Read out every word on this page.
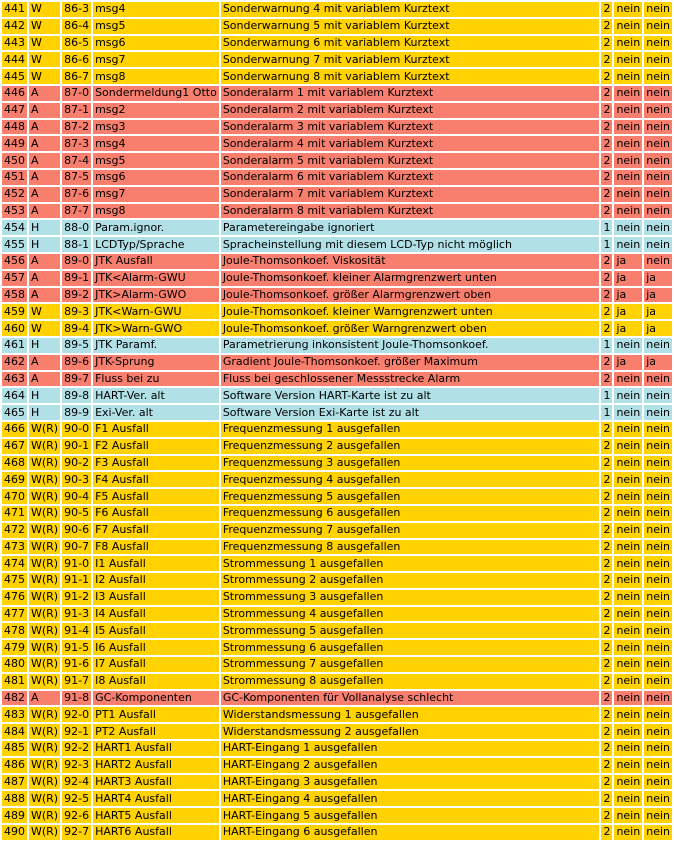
441	W	86-3	msg4	Sonderwarnung 4 mit variablem Kurztext	2	nein	nein
442	W	86-4	msg5	Sonderwarnung 5 mit variablem Kurztext	2	nein	nein
443	W	86-5	msg6	Sonderwarnung 6 mit variablem Kurztext	2	nein	nein
444	W	86-6	msg7	Sonderwarnung 7 mit variablem Kurztext	2	nein	nein
445	W	86-7	msg8	Sonderwarnung 8 mit variablem Kurztext	2	nein	nein
446	A	87-0	Sondermeldung1 Otto	Sonderalarm 1 mit variablem Kurztext	2	nein	nein
447	A	87-1	msg2	Sonderalarm 2 mit variablem Kurztext	2	nein	nein
448	A	87-2	msg3	Sonderalarm 3 mit variablem Kurztext	2	nein	nein
449	A	87-3	msg4	Sonderalarm 4 mit variablem Kurztext	2	nein	nein
450	A	87-4	msg5	Sonderalarm 5 mit variablem Kurztext	2	nein	nein
451	A	87-5	msg6	Sonderalarm 6 mit variablem Kurztext	2	nein	nein
452	A	87-6	msg7	Sonderalarm 7 mit variablem Kurztext	2	nein	nein
453	A	87-7	msg8	Sonderalarm 8 mit variablem Kurztext	2	nein	nein
454	H	88-0	Param.ignor.	Parametereingabe ignoriert	1	nein	nein
455	H	88-1	LCDTyp/Sprache	Spracheinstellung mit diesem LCD-Typ nicht möglich	1	nein	nein
456	A	89-0	JTK Ausfall	Joule-Thomsonkoef. Viskosität	2	ja	nein
457	A	89-1	JTK<Alarm-GWU	Joule-Thomsonkoef. kleiner Alarmgrenzwert unten	2	ja	ja
458	A	89-2	JTK>Alarm-GWO	Joule-Thomsonkoef. größer Alarmgrenzwert oben	2	ja	ja
459	W	89-3	JTK<Warn-GWU	Joule-Thomsonkoef. kleiner Warngrenzwert unten	2	ja	ja
460	W	89-4	JTK>Warn-GWO	Joule-Thomsonkoef. größer Warngrenzwert oben	2	ja	ja
461	H	89-5	JTK Paramf.	Parametrierung inkonsistent Joule-Thomsonkoef.	1	nein	nein
462	A	89-6	JTK-Sprung	Gradient Joule-Thomsonkoef. größer Maximum	2	ja	ja
463	A	89-7	Fluss bei zu	Fluss bei geschlossener Messstrecke Alarm	2	nein	nein
464	H	89-8	HART-Ver. alt	Software Version HART-Karte ist zu alt	1	nein	nein
465	H	89-9	Exi-Ver. alt	Software Version Exi-Karte ist zu alt	1	nein	nein
466	W(R)	90-0	F1 Ausfall	Frequenzmessung 1 ausgefallen	2	nein	nein
467	W(R)	90-1	F2 Ausfall	Frequenzmessung 2 ausgefallen	2	nein	nein
468	W(R)	90-2	F3 Ausfall	Frequenzmessung 3 ausgefallen	2	nein	nein
469	W(R)	90-3	F4 Ausfall	Frequenzmessung 4 ausgefallen	2	nein	nein
470	W(R)	90-4	F5 Ausfall	Frequenzmessung 5 ausgefallen	2	nein	nein
471	W(R)	90-5	F6 Ausfall	Frequenzmessung 6 ausgefallen	2	nein	nein
472	W(R)	90-6	F7 Ausfall	Frequenzmessung 7 ausgefallen	2	nein	nein
473	W(R)	90-7	F8 Ausfall	Frequenzmessung 8 ausgefallen	2	nein	nein
474	W(R)	91-0	I1 Ausfall	Strommessung 1 ausgefallen	2	nein	nein
475	W(R)	91-1	I2 Ausfall	Strommessung 2 ausgefallen	2	nein	nein
476	W(R)	91-2	I3 Ausfall	Strommessung 3 ausgefallen	2	nein	nein
477	W(R)	91-3	I4 Ausfall	Strommessung 4 ausgefallen	2	nein	nein
478	W(R)	91-4	I5 Ausfall	Strommessung 5 ausgefallen	2	nein	nein
479	W(R)	91-5	I6 Ausfall	Strommessung 6 ausgefallen	2	nein	nein
480	W(R)	91-6	I7 Ausfall	Strommessung 7 ausgefallen	2	nein	nein
481	W(R)	91-7	I8 Ausfall	Strommessung 8 ausgefallen	2	nein	nein
482	A	91-8	GC-Komponenten	GC-Komponenten für Vollanalyse schlecht	2	nein	nein
483	W(R)	92-0	PT1 Ausfall	Widerstandsmessung 1 ausgefallen	2	nein	nein
484	W(R)	92-1	PT2 Ausfall	Widerstandsmessung 2 ausgefallen	2	nein	nein
485	W(R)	92-2	HART1 Ausfall	HART-Eingang 1 ausgefallen	2	nein	nein
486	W(R)	92-3	HART2 Ausfall	HART-Eingang 2 ausgefallen	2	nein	nein
487	W(R)	92-4	HART3 Ausfall	HART-Eingang 3 ausgefallen	2	nein	nein
488	W(R)	92-5	HART4 Ausfall	HART-Eingang 4 ausgefallen	2	nein	nein
489	W(R)	92-6	HART5 Ausfall	HART-Eingang 5 ausgefallen	2	nein	nein
490	W(R)	92-7	HART6 Ausfall	HART-Eingang 6 ausgefallen	2	nein	nein
